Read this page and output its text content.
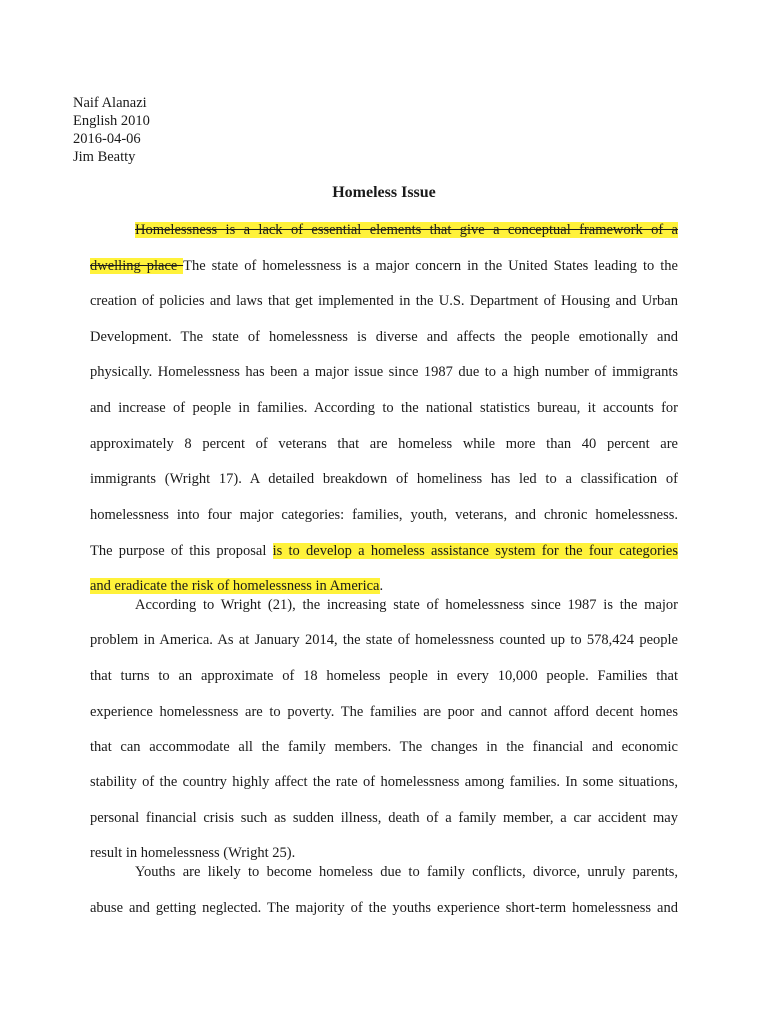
Naif Alanazi
English 2010
2016-04-06
Jim Beatty
Homeless Issue
Homelessness is a lack of essential elements that give a conceptual framework of a
dwelling place The state of homelessness is a major concern in the United States leading to the
creation of policies and laws that get implemented in the U.S. Department of Housing and Urban
Development. The state of homelessness is diverse and affects the people emotionally and
physically. Homelessness has been a major issue since 1987 due to a high number of immigrants
and increase of people in families. According to the national statistics bureau, it accounts for
approximately 8 percent of veterans that are homeless while more than 40 percent are
immigrants (Wright 17). A detailed breakdown of homeliness has led to a classification of
homelessness into four major categories: families, youth, veterans, and chronic homelessness.
The purpose of this proposal is to develop a homeless assistance system for the four categories
and eradicate the risk of homelessness in America.
According to Wright (21), the increasing state of homelessness since 1987 is the major
problem in America. As at January 2014, the state of homelessness counted up to 578,424 people
that turns to an approximate of 18 homeless people in every 10,000 people. Families that
experience homelessness are to poverty. The families are poor and cannot afford decent homes
that can accommodate all the family members. The changes in the financial and economic
stability of the country highly affect the rate of homelessness among families. In some situations,
personal financial crisis such as sudden illness, death of a family member, a car accident may
result in homelessness (Wright 25).
Youths are likely to become homeless due to family conflicts, divorce, unruly parents,
abuse and getting neglected. The majority of the youths experience short-term homelessness and
